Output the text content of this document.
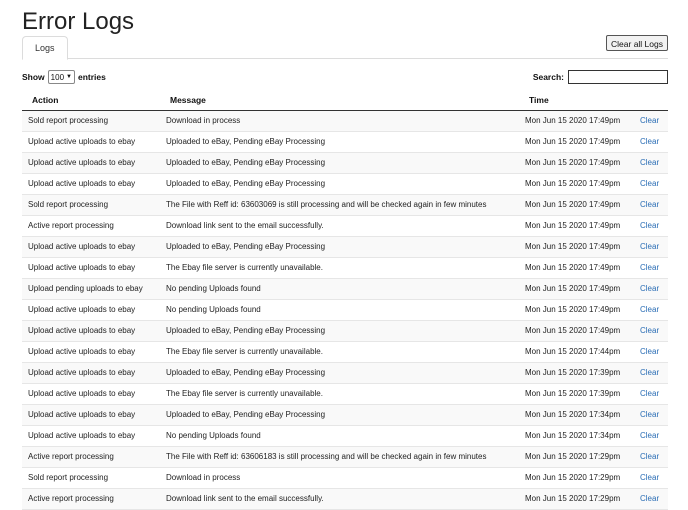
Error Logs
Logs	Clear all Logs
Show 100 ▼ entries	Search:
Action	Message	Time
Sold report processing	Download in process	Mon Jun 15 2020 17:49pm Clear
Upload active uploads to ebay	Uploaded to eBay, Pending eBay Processing	Mon Jun 15 2020 17:49pm Clear
Upload active uploads to ebay	Uploaded to eBay, Pending eBay Processing	Mon Jun 15 2020 17:49pm Clear
Upload active uploads to ebay	Uploaded to eBay, Pending eBay Processing	Mon Jun 15 2020 17:49pm Clear
Sold report processing	The File with Reff id: 63603069 is still processing and will be checked again in few minutes	Mon Jun 15 2020 17:49pm Clear
Active report processing	Download link sent to the email successfully.	Mon Jun 15 2020 17:49pm Clear
Upload active uploads to ebay	Uploaded to eBay, Pending eBay Processing	Mon Jun 15 2020 17:49pm Clear
Upload active uploads to ebay	The Ebay file server is currently unavailable.	Mon Jun 15 2020 17:49pm Clear
Upload pending uploads to ebay	No pending Uploads found	Mon Jun 15 2020 17:49pm Clear
Upload active uploads to ebay	No pending Uploads found	Mon Jun 15 2020 17:49pm Clear
Upload active uploads to ebay	Uploaded to eBay, Pending eBay Processing	Mon Jun 15 2020 17:49pm Clear
Upload active uploads to ebay	The Ebay file server is currently unavailable.	Mon Jun 15 2020 17:44pm Clear
Upload active uploads to ebay	Uploaded to eBay, Pending eBay Processing	Mon Jun 15 2020 17:39pm Clear
Upload active uploads to ebay	The Ebay file server is currently unavailable.	Mon Jun 15 2020 17:39pm Clear
Upload active uploads to ebay	Uploaded to eBay, Pending eBay Processing	Mon Jun 15 2020 17:34pm Clear
Upload active uploads to ebay	No pending Uploads found	Mon Jun 15 2020 17:34pm Clear
Active report processing	The File with Reff id: 63606183 is still processing and will be checked again in few minutes	Mon Jun 15 2020 17:29pm Clear
Sold report processing	Download in process	Mon Jun 15 2020 17:29pm Clear
Active report processing	Download link sent to the email successfully.	Mon Jun 15 2020 17:29pm Clear
